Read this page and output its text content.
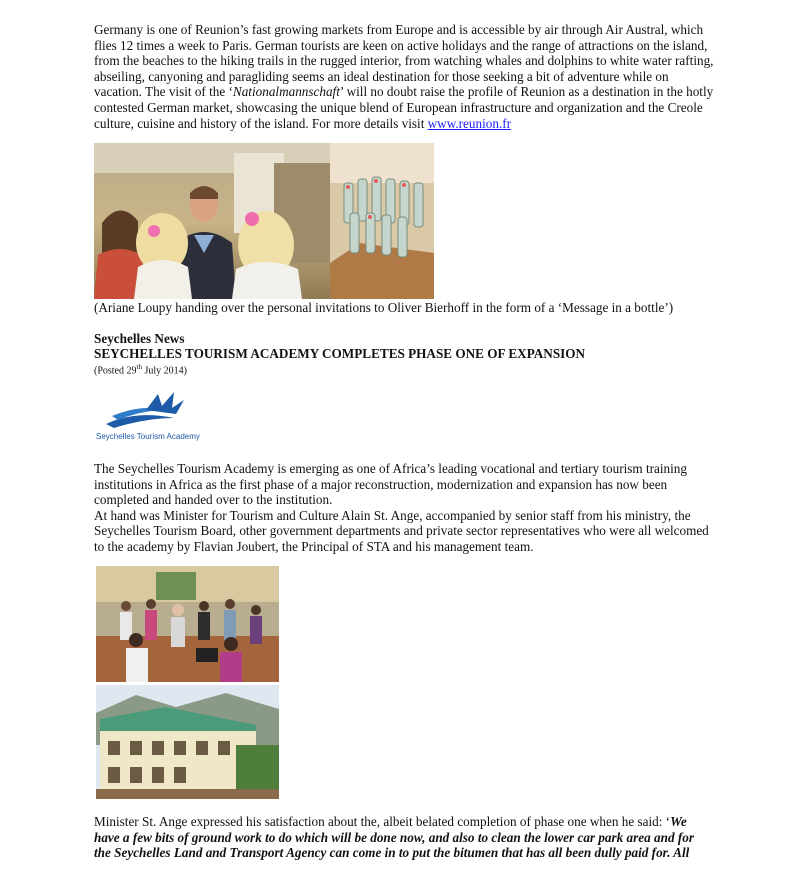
Germany is one of Reunion’s fast growing markets from Europe and is accessible by air through Air Austral, which flies 12 times a week to Paris. German tourists are keen on active holidays and the range of attractions on the island, from the beaches to the hiking trails in the rugged interior, from watching whales and dolphins to white water rafting, abseiling, canyoning and paragliding seems an ideal destination for those seeking a bit of adventure while on vacation. The visit of the ‘Nationalmannschaft’ will no doubt raise the profile of Reunion as a destination in the hotly contested German market, showcasing the unique blend of European infrastructure and organization and the Creole culture, cuisine and history of the island. For more details visit www.reunion.fr

(Ariane Loupy handing over the personal invitations to Oliver Bierhoff in the form of a ‘Message in a bottle’)
Seychelles News
SEYCHELLES TOURISM ACADEMY COMPLETES PHASE ONE OF EXPANSION
(Posted 29th July 2014)
Seychelles Tourism Academy

The Seychelles Tourism Academy is emerging as one of Africa’s leading vocational and tertiary tourism training institutions in Africa as the first phase of a major reconstruction, modernization and expansion has now been completed and handed over to the institution.

At hand was Minister for Tourism and Culture Alain St. Ange, accompanied by senior staff from his ministry, the Seychelles Tourism Board, other government departments and private sector representatives who were all welcomed to the academy by Flavian Joubert, the Principal of STA and his management team.

Minister St. Ange expressed his satisfaction about the, albeit belated completion of phase one when he said: ‘We have a few bits of ground work to do which will be done now, and also to clean the lower car park area and for the Seychelles Land and Transport Agency can come in to put the bitumen that has all been dully paid for. All
